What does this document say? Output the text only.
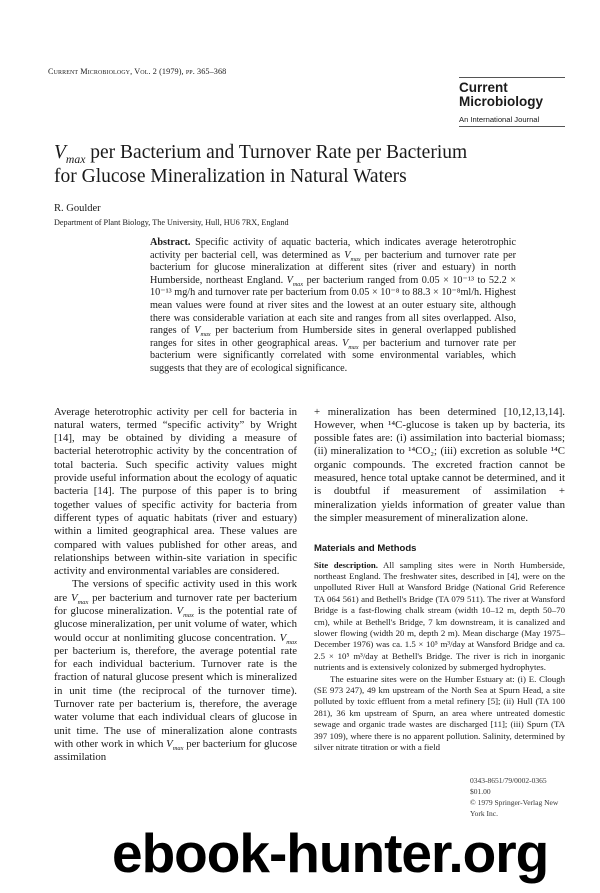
Current Microbiology, Vol. 2 (1979), pp. 365–368
Current
Microbiology
An International Journal
$V_{max}$ per Bacterium and Turnover Rate per Bacterium for Glucose Mineralization in Natural Waters
R. Goulder
Department of Plant Biology, The University, Hull, HU6 7RX, England
Abstract. Specific activity of aquatic bacteria, which indicates average heterotrophic activity per bacterial cell, was determined as $V_{max}$ per bacterium and turnover rate per bacterium for glucose mineralization at different sites (river and estuary) in north Humberside, northeast England. $V_{max}$ per bacterium ranged from 0.05 × 10⁻¹³ to 52.2 × 10⁻¹³ mg/h and turnover rate per bacterium from 0.05 × 10⁻⁸ to 88.3 × 10⁻⁸ml/h. Highest mean values were found at river sites and the lowest at an outer estuary site, although there was considerable variation at each site and ranges from all sites overlapped. Also, ranges of $V_{max}$ per bacterium from Humberside sites in general overlapped published ranges for sites in other geographical areas. $V_{max}$ per bacterium and turnover rate per bacterium were significantly correlated with some environmental variables, which suggests that they are of ecological significance.

Average heterotrophic activity per cell for bacteria in natural waters, termed “specific activity” by Wright [14], may be obtained by dividing a measure of bacterial heterotrophic activity by the concentration of total bacteria. Such specific activity values might provide useful information about the ecology of aquatic bacteria [14]. The purpose of this paper is to bring together values of specific activity for bacteria from different types of aquatic habitats (river and estuary) within a limited geographical area. These values are compared with values published for other areas, and relationships between within-site variation in specific activity and environmental variables are considered.

The versions of specific activity used in this work are $V_{max}$ per bacterium and turnover rate per bacterium for glucose mineralization. $V_{max}$ is the potential rate of glucose mineralization, per unit volume of water, which would occur at nonlimiting glucose concentration. $V_{max}$ per bacterium is, therefore, the average potential rate for each individual bacterium. Turnover rate is the fraction of natural glucose present which is mineralized in unit time (the reciprocal of the turnover time). Turnover rate per bacterium is, therefore, the average water volume that each individual clears of glucose in unit time. The use of mineralization alone contrasts with other work in which $V_{max}$ per bacterium for glucose assimilation

+ mineralization has been determined [10,12,13,14]. However, when ¹⁴C-glucose is taken up by bacteria, its possible fates are: (i) assimilation into bacterial biomass; (ii) mineralization to ¹⁴CO₂; (iii) excretion as soluble ¹⁴C organic compounds. The excreted fraction cannot be measured, hence total uptake cannot be determined, and it is doubtful if measurement of assimilation + mineralization yields information of greater value than the simpler measurement of mineralization alone.

Materials and Methods

Site description. All sampling sites were in North Humberside, northeast England. The freshwater sites, described in [4], were on the unpolluted River Hull at Wansford Bridge (National Grid Reference TA 064 561) and Bethell's Bridge (TA 079 511). The river at Wansford Bridge is a fast-flowing chalk stream (width 10–12 m, depth 50–70 cm), while at Bethell's Bridge, 7 km downstream, it is canalized and slower flowing (width 20 m, depth 2 m). Mean discharge (May 1975–December 1976) was ca. 1.5 × 10⁵ m³/day at Wansford Bridge and ca. 2.5 × 10⁵ m³/day at Bethell's Bridge. The river is rich in inorganic nutrients and is extensively colonized by submerged hydrophytes.

The estuarine sites were on the Humber Estuary at: (i) E. Clough (SE 973 247), 49 km upstream of the North Sea at Spurn Head, a site polluted by toxic effluent from a metal refinery [5]; (ii) Hull (TA 100 281), 36 km upstream of Spurn, an area where untreated domestic sewage and organic trade wastes are discharged [11]; (iii) Spurn (TA 397 109), where there is no apparent pollution. Salinity, determined by silver nitrate titration or with a field

0343-8651/79/0002-0365 $01.00
© 1979 Springer-Verlag New York Inc.
ebook-hunter.org
